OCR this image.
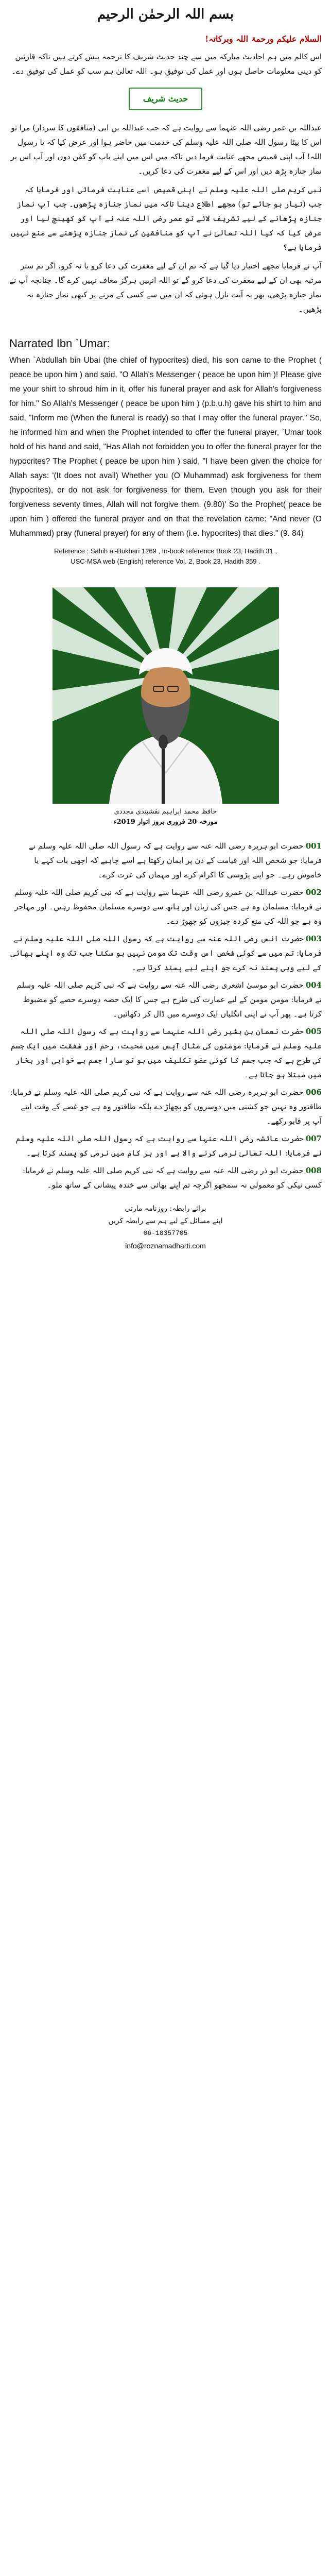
بسم اللہ الرحمٰن الرحیم
السلام علیکم ورحمۃ اللہ وبرکاتہ!
اس کالم میں ہم احادیث مبارکہ میں سے چند حدیث شریف کا ترجمہ پیش کرتے ہیں تاکہ قارئین کو دینی معلومات حاصل ہوں اور عمل کی توفیق ہو۔ اللہ تعالیٰ ہم سب کو عمل کی توفیق دے۔
حدیث شریف
عبداللہ بن عمر رضی اللہ عنہما سے روایت ہے کہ جب عبداللہ بن ابی (منافقوں کا سردار) مرا تو اس کا بیٹا رسول اللہ صلی اللہ علیہ وسلم کی خدمت میں حاضر ہوا اور عرض کیا کہ یا رسول اللہ! آپ اپنی قمیص مجھے عنایت فرما دیں تاکہ میں اس میں اپنے باپ کو کفن دوں اور آپ اس پر نماز جنازہ پڑھ دیں اور اس کے لیے مغفرت کی دعا کریں۔
نبی کریم صلی اللہ علیہ وسلم نے اپنی قمیص اسے عنایت فرمائی اور فرمایا کہ جب (تیار ہو جائے تو) مجھے اطلاع دینا تاکہ میں نماز جنازہ پڑھوں۔ جب آپ نماز جنازہ پڑھانے کے لیے تشریف لائے تو عمر رضی اللہ عنہ نے آپ کو کھینچ لیا اور عرض کیا کہ کیا اللہ تعالیٰ نے آپ کو منافقین کی نماز جنازہ پڑھنے سے منع نہیں فرمایا ہے؟
آپ نے فرمایا مجھے اختیار دیا گیا ہے کہ تم ان کے لیے مغفرت کی دعا کرو یا نہ کرو، اگر تم ستر مرتبہ بھی ان کے لیے مغفرت کی دعا کرو گے تو اللہ انہیں ہرگز معاف نہیں کرے گا۔ چنانچہ آپ نے نماز جنازہ پڑھی، پھر یہ آیت نازل ہوئی کہ ان میں سے کسی کے مرنے پر کبھی نماز جنازہ نہ پڑھیں۔
Narrated Ibn `Umar:
When `Abdullah bin Ubai (the chief of hypocrites) died, his son came to the Prophet ( peace be upon him ) and said, "O Allah's Messenger ( peace be upon him )! Please give me your shirt to shroud him in it, offer his funeral prayer and ask for Allah's forgiveness for him." So Allah's Messenger ( peace be upon him ) (p.b.u.h) gave his shirt to him and said, "Inform me (When the funeral is ready) so that I may offer the funeral prayer." So, he informed him and when the Prophet intended to offer the funeral prayer, `Umar took hold of his hand and said, "Has Allah not forbidden you to offer the funeral prayer for the hypocrites? The Prophet ( peace be upon him ) said, "I have been given the choice for Allah says: '(It does not avail) Whether you (O Muhammad) ask forgiveness for them (hypocrites), or do not ask for forgiveness for them. Even though you ask for their forgiveness seventy times, Allah will not forgive them. (9.80)' So the Prophet( peace be upon him ) offered the funeral prayer and on that the revelation came: "And never (O Muhammad) pray (funeral prayer) for any of them (i.e. hypocrites) that dies." (9. 84)
Reference : Sahih al-Bukhari 1269 , In-book reference Book 23, Hadith 31 ,
USC-MSA web (English) reference Vol. 2, Book 23, Hadith 359 .
حافظ محمد ابراہیم نقشبندی مجددی
مورخہ 20 فروری بروز اتوار 2019ء
001حضرت ابو ہریرہ رضی اللہ عنہ سے روایت ہے کہ رسول اللہ صلی اللہ علیہ وسلم نے فرمایا: جو شخص اللہ اور قیامت کے دن پر ایمان رکھتا ہے اسے چاہیے کہ اچھی بات کہے یا خاموش رہے۔ جو اپنے پڑوسی کا اکرام کرے اور مہمان کی عزت کرے۔
002حضرت عبداللہ بن عمرو رضی اللہ عنہما سے روایت ہے کہ نبی کریم صلی اللہ علیہ وسلم نے فرمایا: مسلمان وہ ہے جس کی زبان اور ہاتھ سے دوسرے مسلمان محفوظ رہیں۔ اور مہاجر وہ ہے جو اللہ کی منع کردہ چیزوں کو چھوڑ دے۔
003حضرت انس رضی اللہ عنہ سے روایت ہے کہ رسول اللہ صلی اللہ علیہ وسلم نے فرمایا: تم میں سے کوئی شخص اس وقت تک مومن نہیں ہو سکتا جب تک وہ اپنے بھائی کے لیے وہی پسند نہ کرے جو اپنے لیے پسند کرتا ہے۔
004حضرت ابو موسیٰ اشعری رضی اللہ عنہ سے روایت ہے کہ نبی کریم صلی اللہ علیہ وسلم نے فرمایا: مومن مومن کے لیے عمارت کی طرح ہے جس کا ایک حصہ دوسرے حصے کو مضبوط کرتا ہے۔ پھر آپ نے اپنی انگلیاں ایک دوسرے میں ڈال کر دکھائیں۔
005حضرت نعمان بن بشیر رضی اللہ عنہما سے روایت ہے کہ رسول اللہ صلی اللہ علیہ وسلم نے فرمایا: مومنوں کی مثال آپس میں محبت، رحم اور شفقت میں ایک جسم کی طرح ہے کہ جب جسم کا کوئی عضو تکلیف میں ہو تو سارا جسم بے خوابی اور بخار میں مبتلا ہو جاتا ہے۔
006حضرت ابو ہریرہ رضی اللہ عنہ سے روایت ہے کہ نبی کریم صلی اللہ علیہ وسلم نے فرمایا: طاقتور وہ نہیں جو کشتی میں دوسروں کو پچھاڑ دے بلکہ طاقتور وہ ہے جو غصے کے وقت اپنے آپ پر قابو رکھے۔
007حضرت عائشہ رضی اللہ عنہا سے روایت ہے کہ رسول اللہ صلی اللہ علیہ وسلم نے فرمایا: اللہ تعالیٰ نرمی کرنے والا ہے اور ہر کام میں نرمی کو پسند کرتا ہے۔
008حضرت ابو ذر رضی اللہ عنہ سے روایت ہے کہ نبی کریم صلی اللہ علیہ وسلم نے فرمایا: کسی نیکی کو معمولی نہ سمجھو اگرچہ تم اپنے بھائی سے خندہ پیشانی کے ساتھ ملو۔
برائے رابطہ: روزنامہ مارتی
اپنے مسائل کے لیے ہم سے رابطہ کریں
06-18357705
info@roznamadharti.com
